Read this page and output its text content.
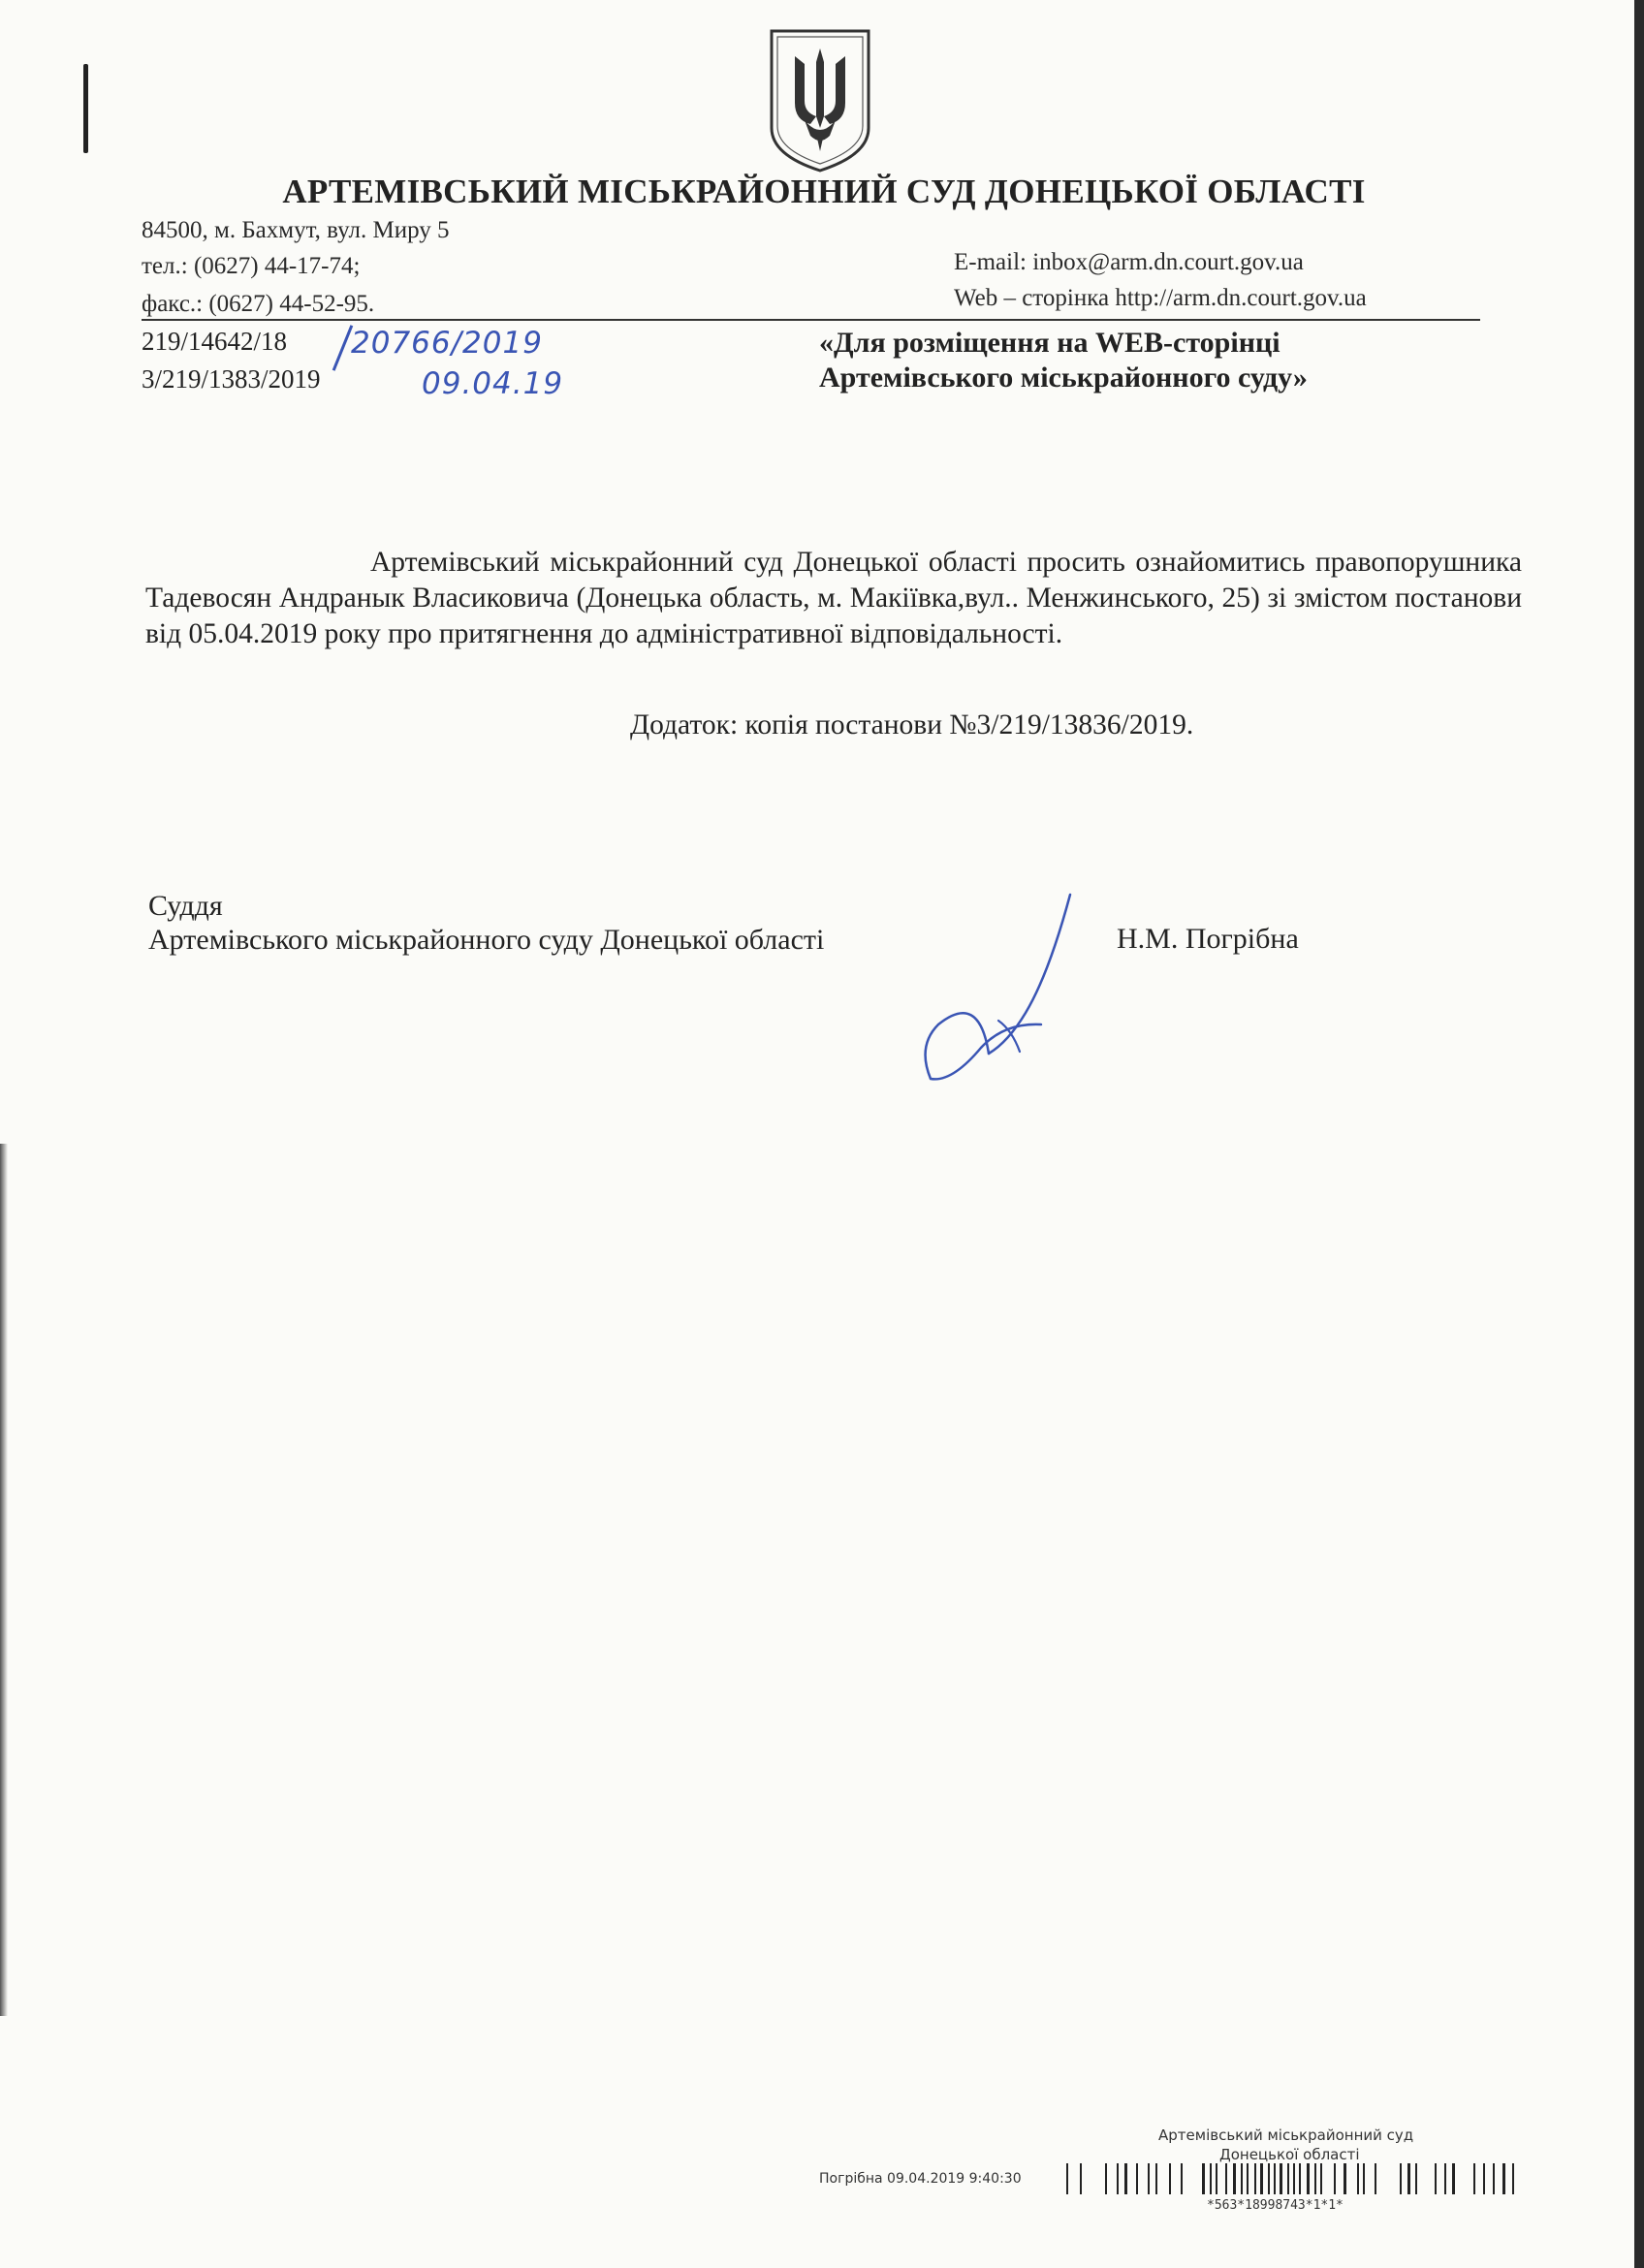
АРТЕМІВСЬКИЙ МІСЬКРАЙОННИЙ СУД ДОНЕЦЬКОЇ ОБЛАСТІ
84500, м. Бахмут, вул. Миру 5
тел.: (0627) 44-17-74;
факс.: (0627) 44-52-95.
E-mail: inbox@arm.dn.court.gov.ua
Web – сторінка http://arm.dn.court.gov.ua
219/14642/18
3/219/1383/2019
20766/2019
09.04.19
«Для розміщення на WEB-сторінці
Артемівського міськрайонного суду»
Артемівський міськрайонний суд Донецької області просить ознайомитись правопорушника Тадевосян Андранык Власиковича (Донецька область, м. Макіївка,вул.. Менжинського, 25) зі змістом постанови від 05.04.2019 року про притягнення до адміністративної відповідальності.
Додаток: копія постанови №3/219/13836/2019.
Суддя
Артемівського міськрайонного суду Донецької області	Н.М. Погрібна
Артемівський міськрайонний суд
Донецької області
Погрібна 09.04.2019 9:40:30
*563*18998743*1*1*
